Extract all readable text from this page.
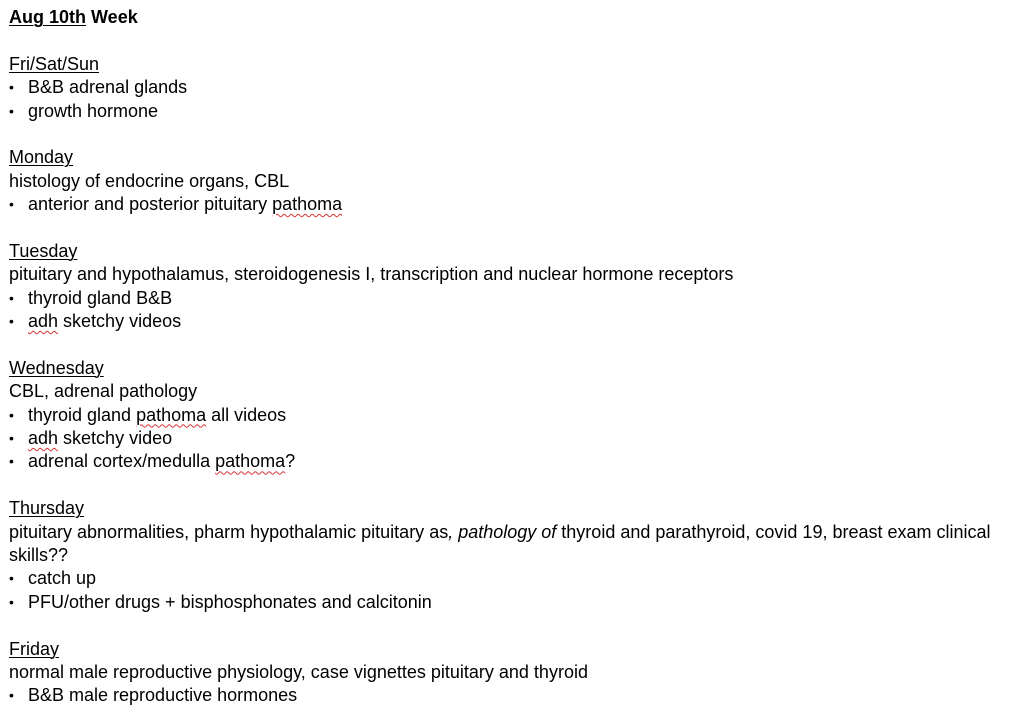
Aug 10th Week
Fri/Sat/Sun
• B&B adrenal glands
• growth hormone
Monday
histology of endocrine organs, CBL
• anterior and posterior pituitary pathoma
Tuesday
pituitary and hypothalamus, steroidogenesis I, transcription and nuclear hormone receptors
• thyroid gland B&B
• adh sketchy videos
Wednesday
CBL, adrenal pathology
• thyroid gland pathoma all videos
• adh sketchy video
• adrenal cortex/medulla pathoma?
Thursday
pituitary abnormalities, pharm hypothalamic pituitary as, pathology of thyroid and parathyroid, covid 19, breast exam clinical skills??
• catch up
• PFU/other drugs + bisphosphonates and calcitonin
Friday
normal male reproductive physiology, case vignettes pituitary and thyroid
• B&B male reproductive hormones
